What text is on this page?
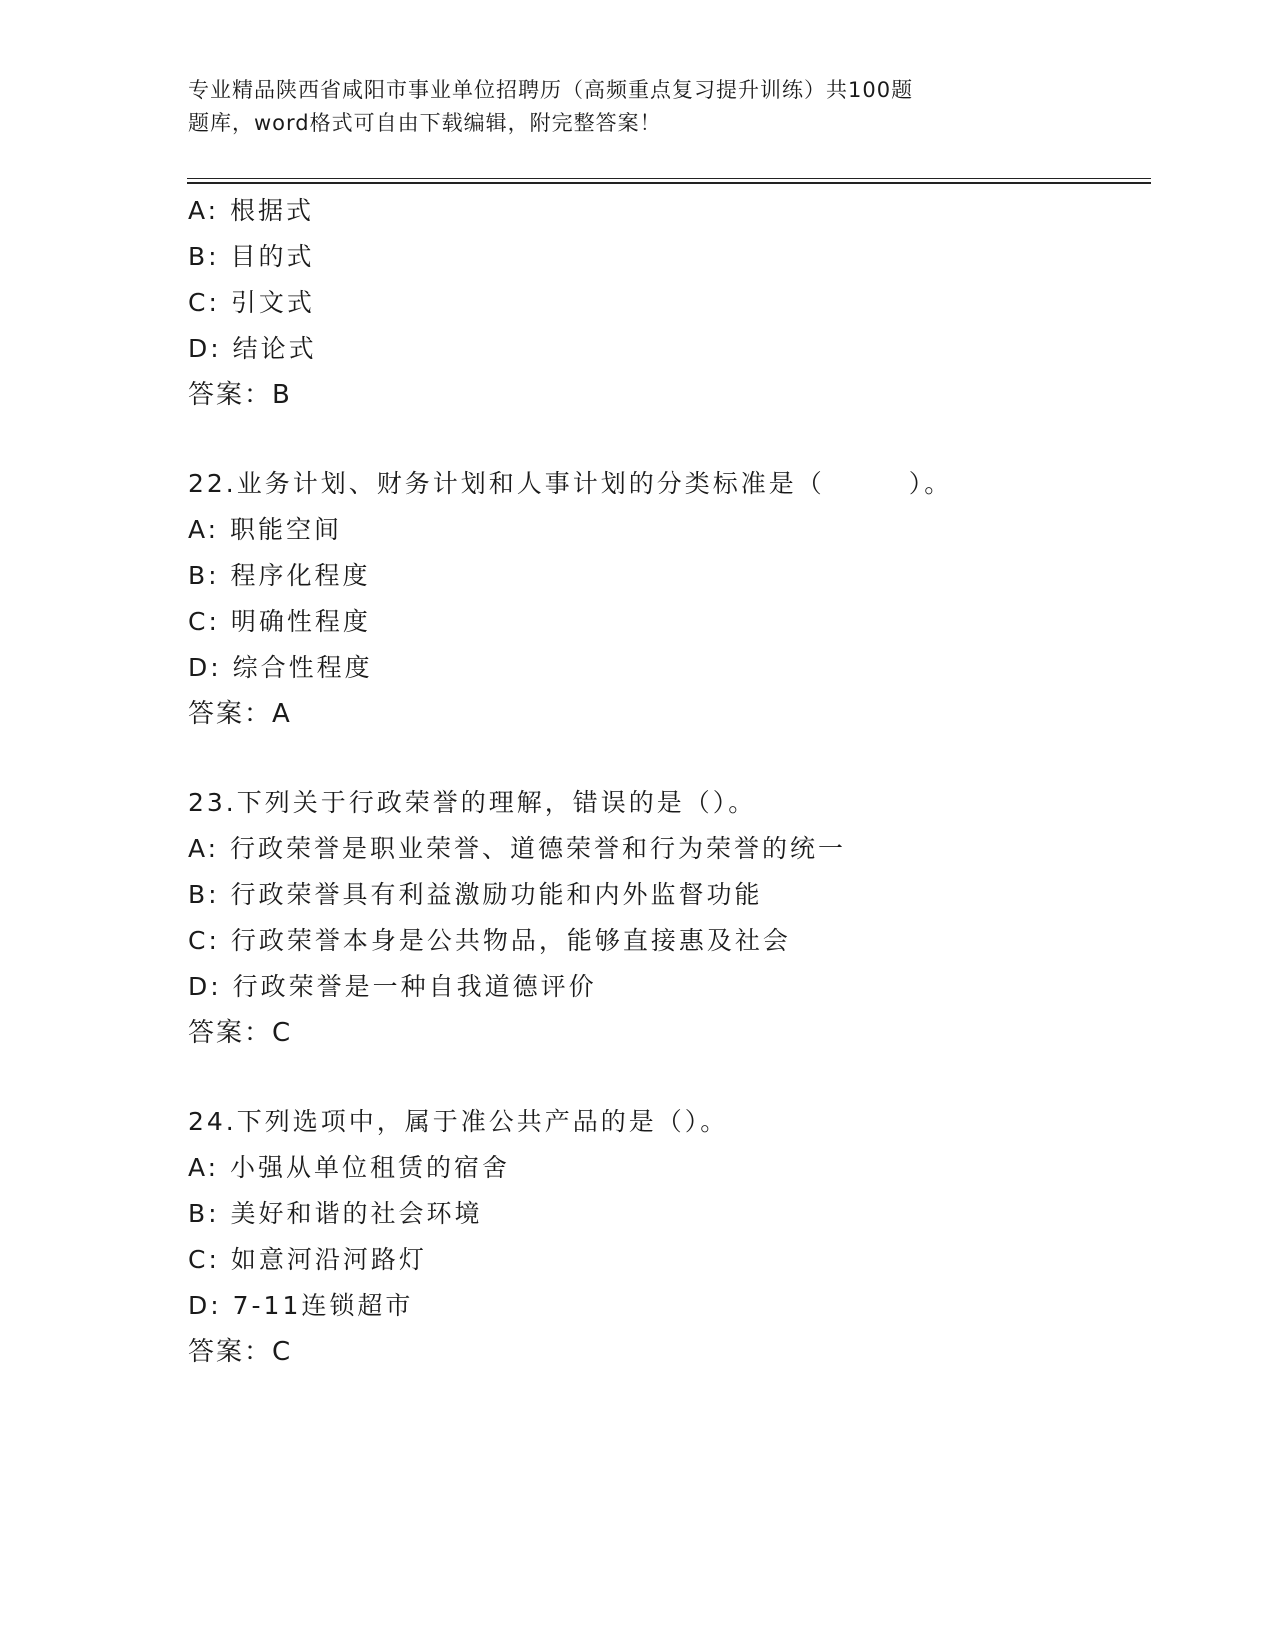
专业精品陕西省咸阳市事业单位招聘历（高频重点复习提升训练）共100题
题库，word格式可自由下载编辑，附完整答案！
A: 根据式
B: 目的式
C: 引文式
D: 结论式
答案：B
22.业务计划、财务计划和人事计划的分类标准是（　　　）。
A: 职能空间
B: 程序化程度
C: 明确性程度
D: 综合性程度
答案：A
23.下列关于行政荣誉的理解，错误的是（）。
A: 行政荣誉是职业荣誉、道德荣誉和行为荣誉的统一
B: 行政荣誉具有利益激励功能和内外监督功能
C: 行政荣誉本身是公共物品，能够直接惠及社会
D: 行政荣誉是一种自我道德评价
答案：C
24.下列选项中，属于准公共产品的是（）。
A: 小强从单位租赁的宿舍
B: 美好和谐的社会环境
C: 如意河沿河路灯
D: 7-11连锁超市
答案：C
